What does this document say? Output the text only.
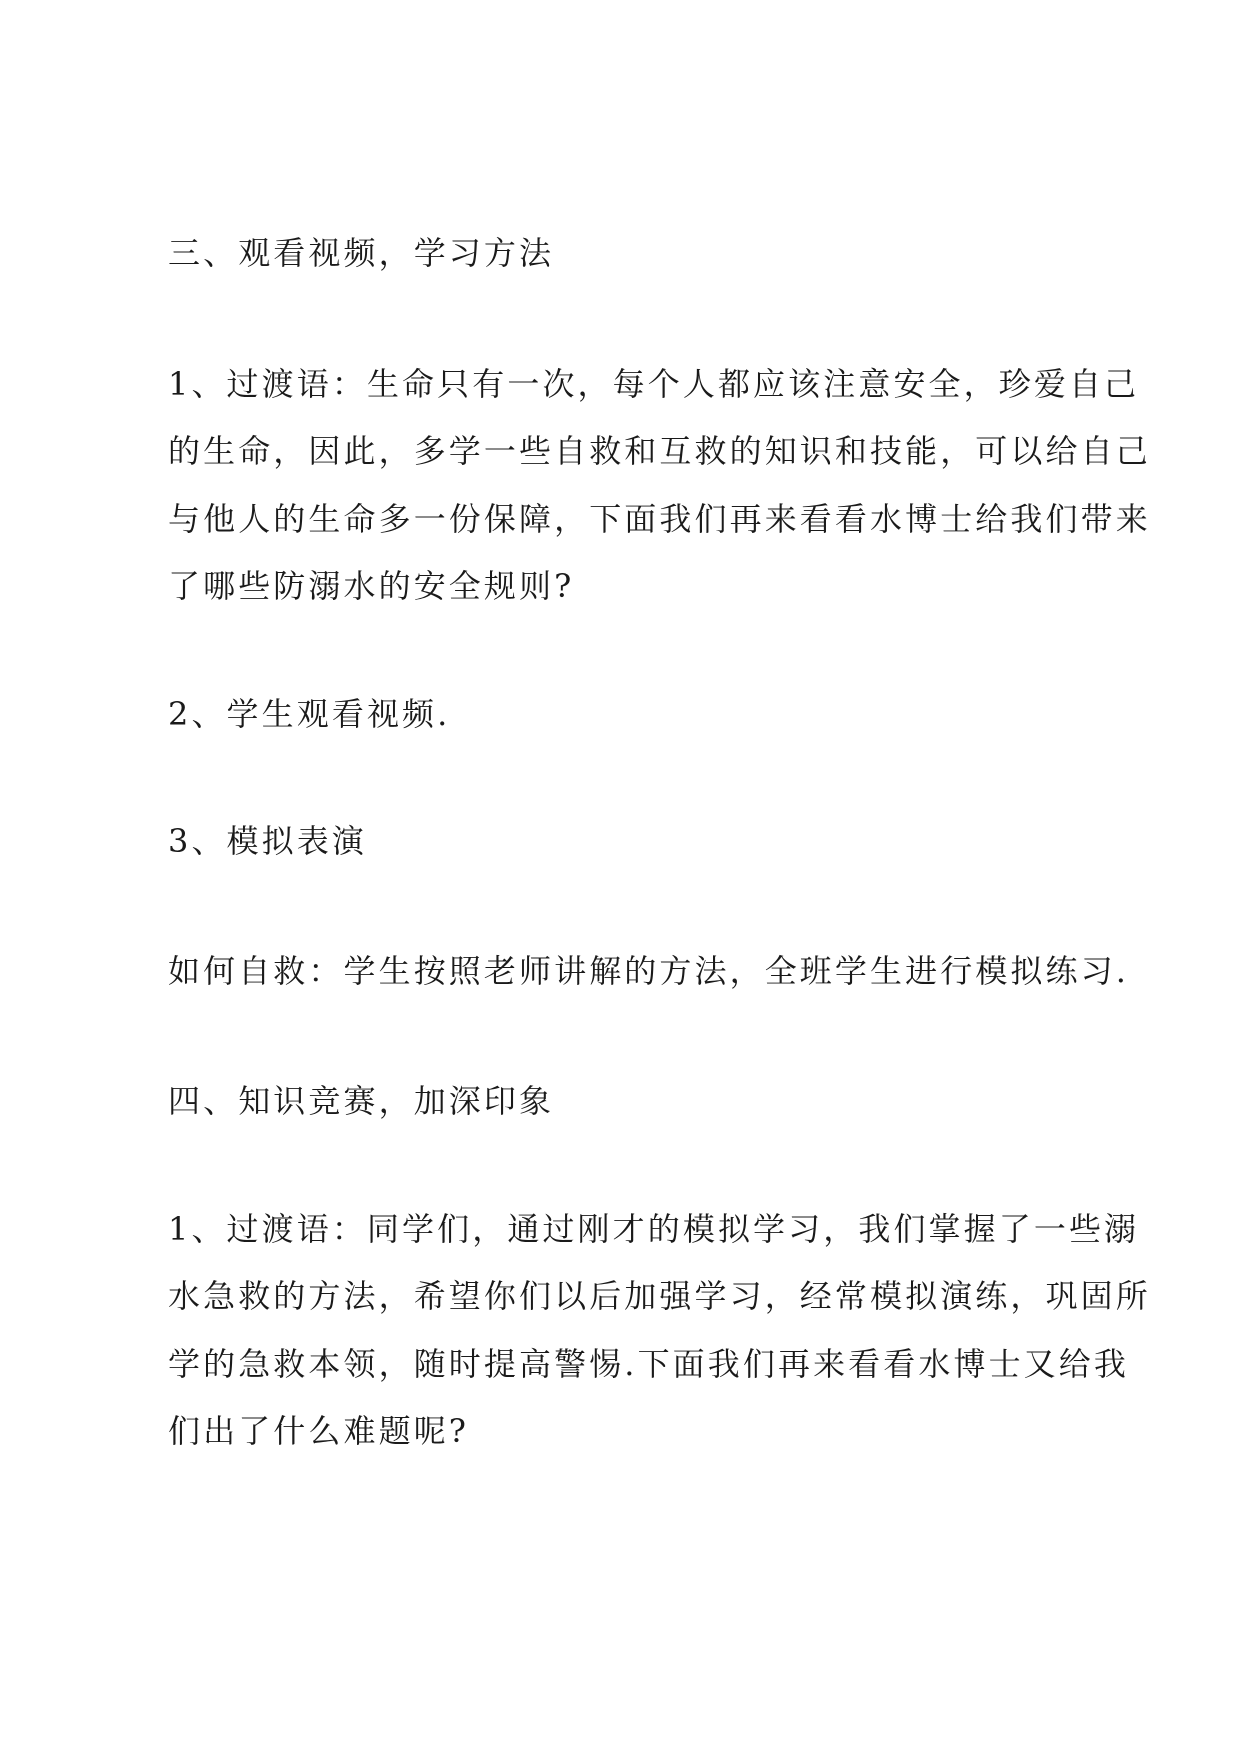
三、观看视频，学习方法

1、过渡语：生命只有一次，每个人都应该注意安全，珍爱自己

的生命，因此，多学一些自救和互救的知识和技能，可以给自己

与他人的生命多一份保障，下面我们再来看看水博士给我们带来

了哪些防溺水的安全规则?

2、学生观看视频.

3、模拟表演

如何自救：学生按照老师讲解的方法，全班学生进行模拟练习.

四、知识竞赛，加深印象

1、过渡语：同学们，通过刚才的模拟学习，我们掌握了一些溺

水急救的方法，希望你们以后加强学习，经常模拟演练，巩固所

学的急救本领，随时提高警惕.下面我们再来看看水博士又给我

们出了什么难题呢?
